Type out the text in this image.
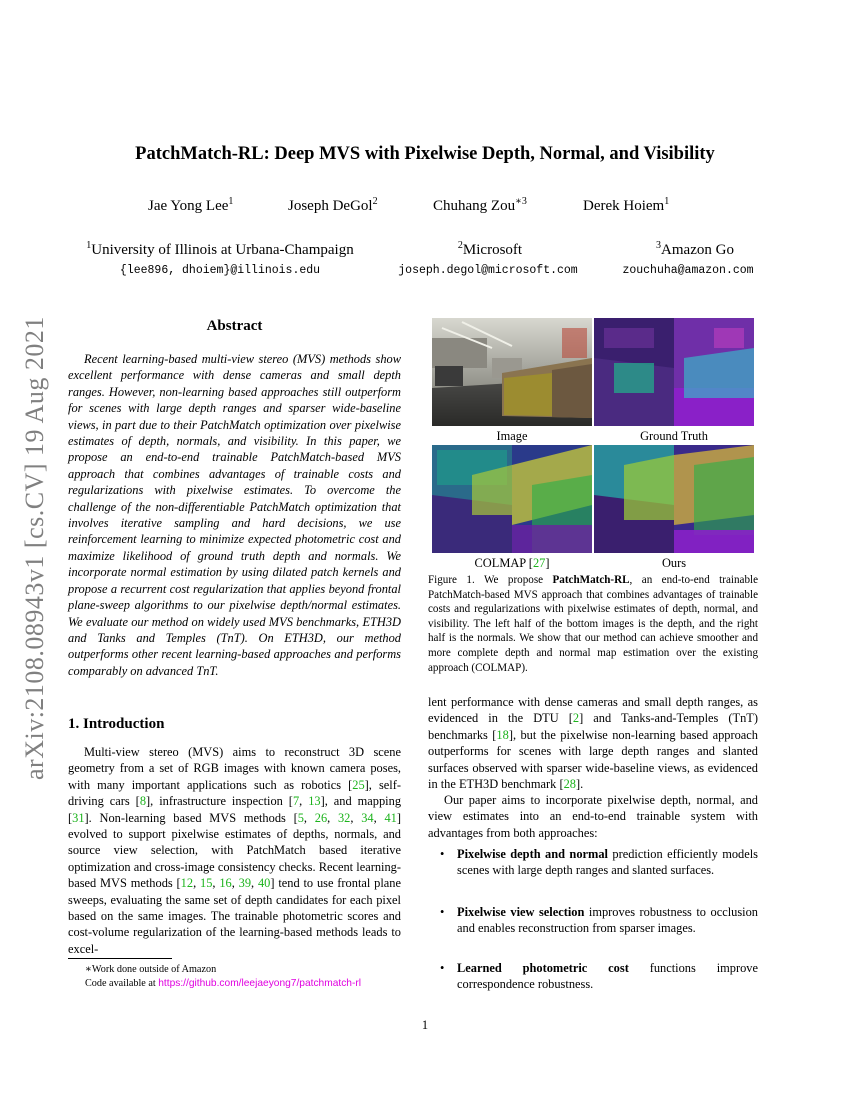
arXiv:2108.08943v1 [cs.CV] 19 Aug 2021
PatchMatch-RL: Deep MVS with Pixelwise Depth, Normal, and Visibility
Jae Yong Lee$^1$	Joseph DeGol$^2$	Chuhang Zou$^{∗3}$	Derek Hoiem$^1$
$^1$University of Illinois at Urbana-Champaign	$^2$Microsoft	$^3$Amazon Go
{lee896, dhoiem}@illinois.edu	joseph.degol@microsoft.com	zouchuha@amazon.com
Abstract

Recent learning-based multi-view stereo (MVS) methods show excellent performance with dense cameras and small depth ranges. However, non-learning based approaches still outperform for scenes with large depth ranges and sparser wide-baseline views, in part due to their PatchMatch optimization over pixelwise estimates of depth, normals, and visibility. In this paper, we propose an end-to-end trainable PatchMatch-based MVS approach that combines advantages of trainable costs and regularizations with pixelwise estimates. To overcome the challenge of the non-differentiable PatchMatch optimization that involves iterative sampling and hard decisions, we use reinforcement learning to minimize expected photometric cost and maximize likelihood of ground truth depth and normals. We incorporate normal estimation by using dilated patch kernels and propose a recurrent cost regularization that applies beyond frontal plane-sweep algorithms to our pixelwise depth/normal estimates. We evaluate our method on widely used MVS benchmarks, ETH3D and Tanks and Temples (TnT). On ETH3D, our method outperforms other recent learning-based approaches and performs comparably on advanced TnT.

1. Introduction

Multi-view stereo (MVS) aims to reconstruct 3D scene geometry from a set of RGB images with known camera poses, with many important applications such as robotics [25], self-driving cars [8], infrastructure inspection [7, 13], and mapping [31]. Non-learning based MVS methods [5, 26, 32, 34, 41] evolved to support pixelwise estimates of depths, normals, and source view selection, with PatchMatch based iterative optimization and cross-image consistency checks. Recent learning-based MVS methods [12, 15, 16, 39, 40] tend to use frontal plane sweeps, evaluating the same set of depth candidates for each pixel based on the same images. The trainable photometric scores and cost-volume regularization of the learning-based methods leads to excel-

∗Work done outside of Amazon
Code available at https://github.com/leejaeyong7/patchmatch-rl
Image	Ground Truth
COLMAP [27]	Ours

Figure 1. We propose PatchMatch-RL, an end-to-end trainable PatchMatch-based MVS approach that combines advantages of trainable costs and regularizations with pixelwise estimates of depth, normal, and visibility. The left half of the bottom images is the depth, and the right half is the normals. We show that our method can achieve smoother and more complete depth and normal map estimation over the existing approach (COLMAP).

lent performance with dense cameras and small depth ranges, as evidenced in the DTU [2] and Tanks-and-Temples (TnT) benchmarks [18], but the pixelwise non-learning based approach outperforms for scenes with large depth ranges and slanted surfaces observed with sparser wide-baseline views, as evidenced in the ETH3D benchmark [28].

Our paper aims to incorporate pixelwise depth, normal, and view estimates into an end-to-end trainable system with advantages from both approaches:

• Pixelwise depth and normal prediction efficiently models scenes with large depth ranges and slanted surfaces.
• Pixelwise view selection improves robustness to occlusion and enables reconstruction from sparser images.
• Learned photometric cost functions improve correspondence robustness.
1
